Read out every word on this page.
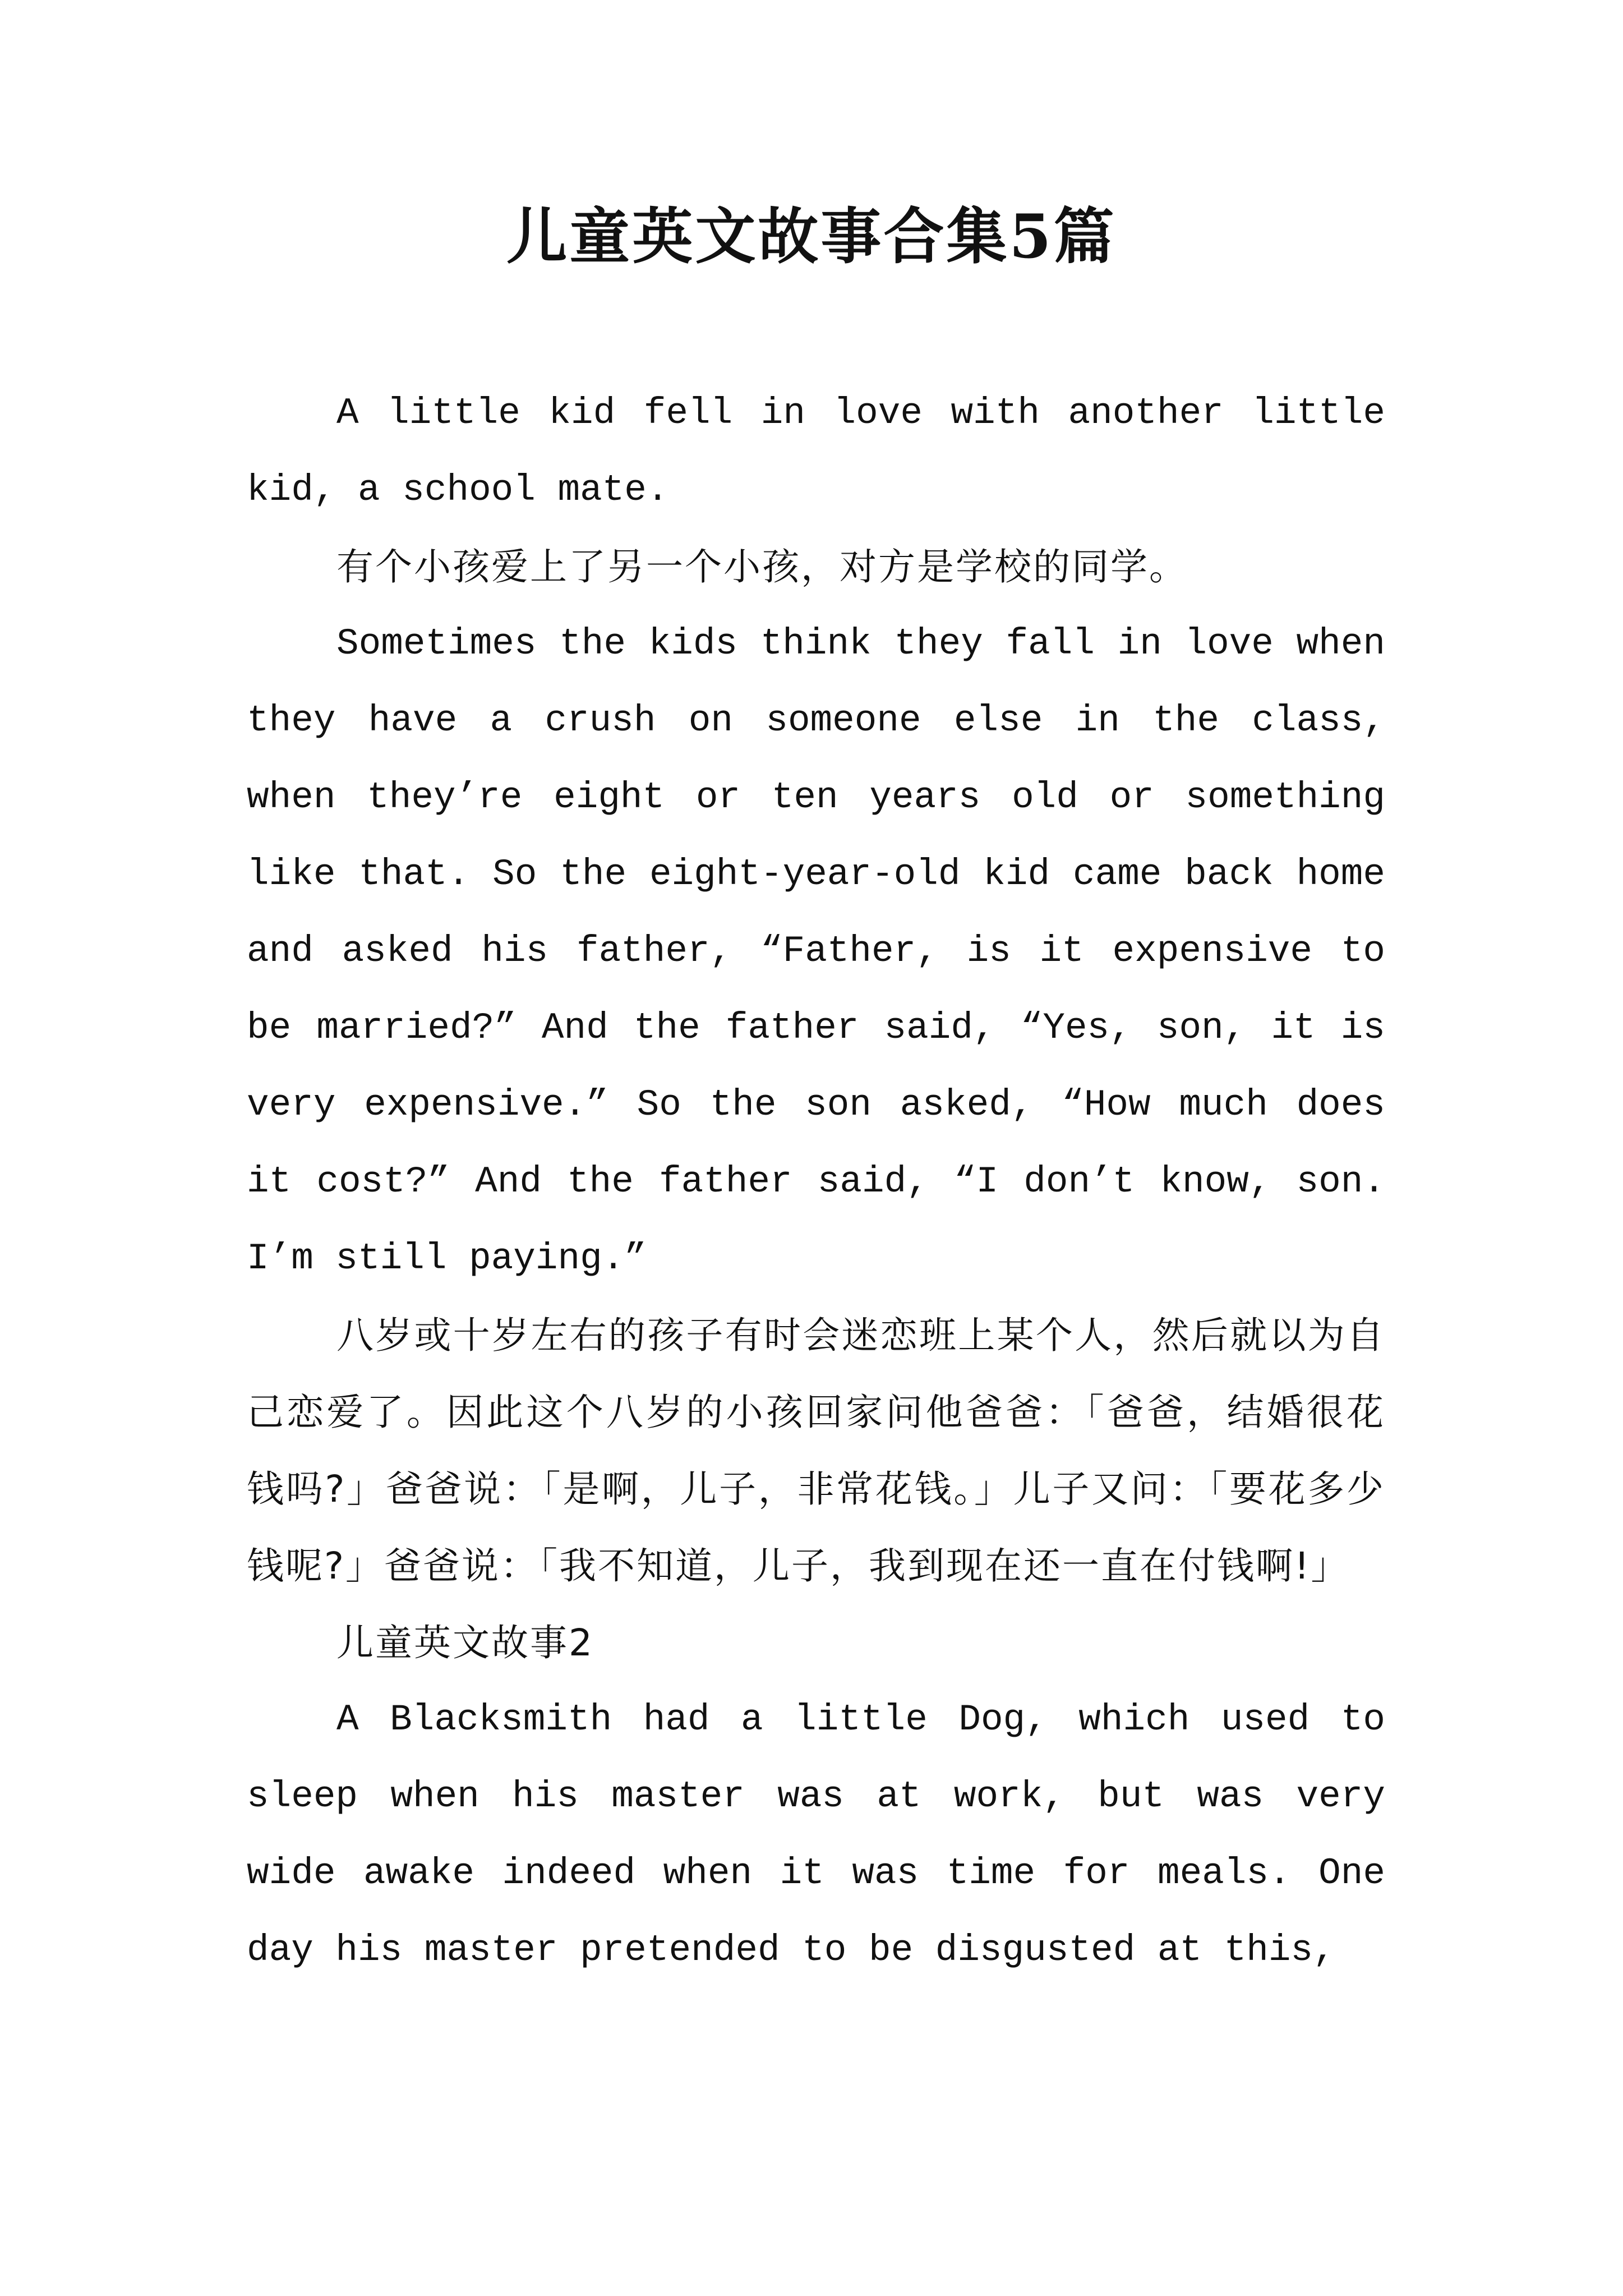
儿童英文故事合集5篇

A little kid fell in love with another little kid, a school mate.

有个小孩爱上了另一个小孩，对方是学校的同学。

Sometimes the kids think they fall in love when they have a crush on someone else in the class, when they’re eight or ten years old or something like that. So the eight-year-old kid came back home and asked his father, “Father, is it expensive to be married?” And the father said, “Yes, son, it is very expensive.” So the son asked, “How much does it cost?” And the father said, “I don’t know, son. I’m still paying.”

八岁或十岁左右的孩子有时会迷恋班上某个人，然后就以为自己恋爱了。因此这个八岁的小孩回家问他爸爸：「爸爸，结婚很花钱吗?」爸爸说：「是啊，儿子，非常花钱。」儿子又问：「要花多少钱呢?」爸爸说：「我不知道，儿子，我到现在还一直在付钱啊!」

儿童英文故事2

A Blacksmith had a little Dog, which used to sleep when his master was at work, but was very wide awake indeed when it was time for meals. One day his master pretended to be disgusted at this,
